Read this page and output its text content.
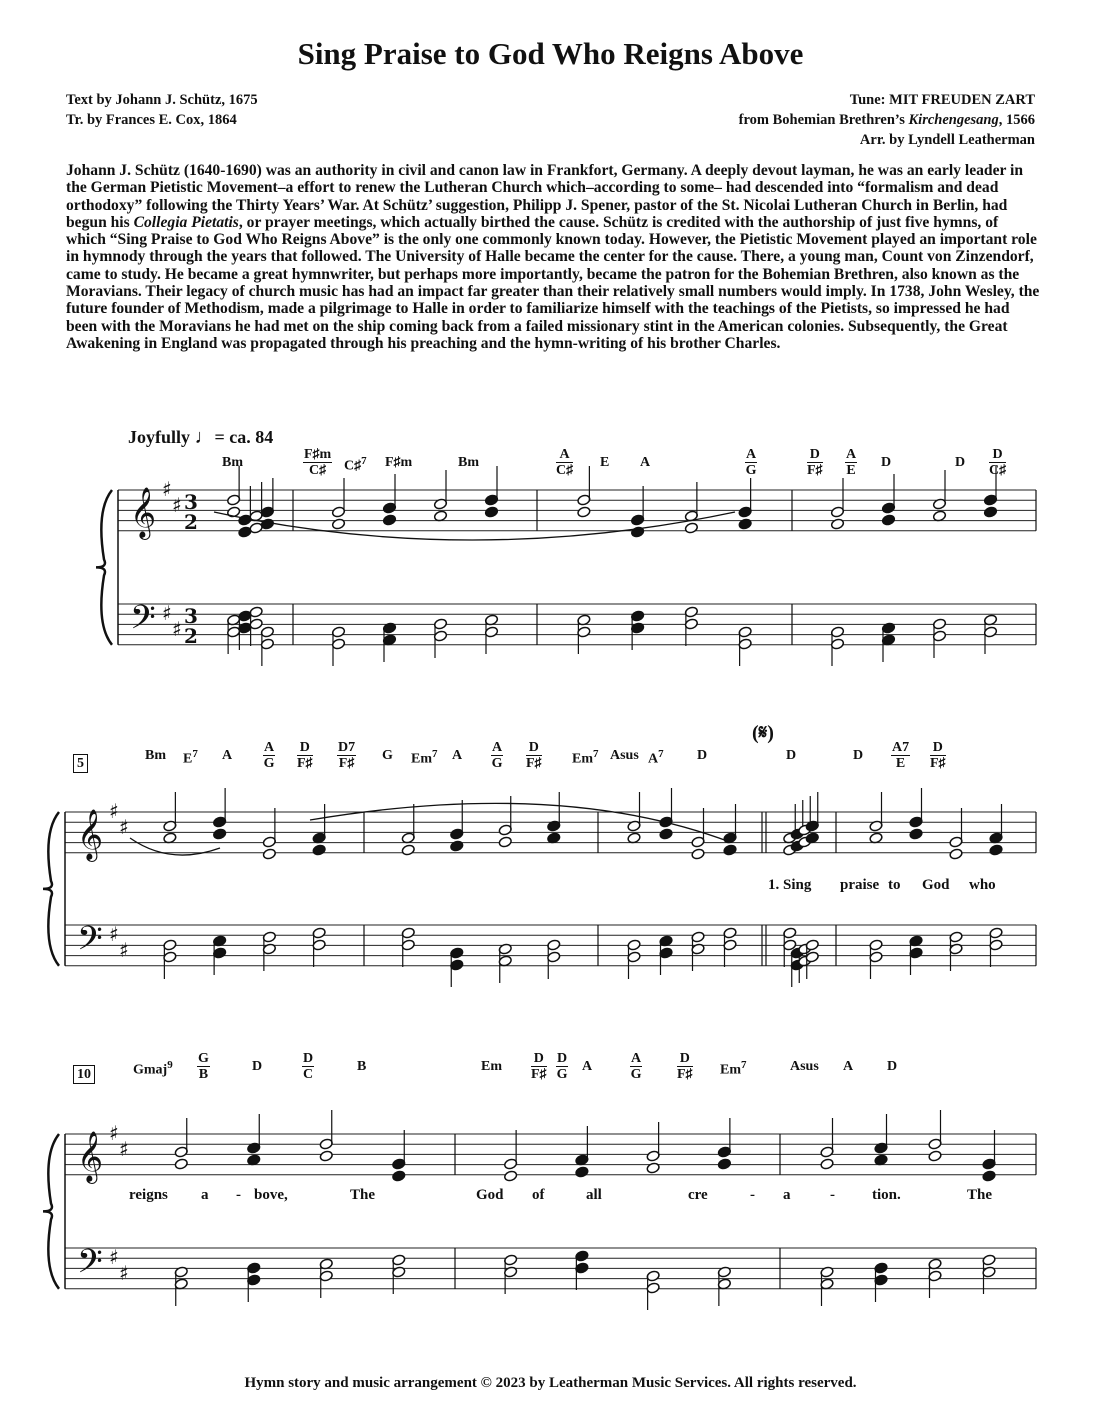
Sing Praise to God Who Reigns Above
Text by Johann J. Schütz, 1675
Tr. by Frances E. Cox, 1864
Tune: MIT FREUDEN ZART
from Bohemian Brethren’s Kirchengesang, 1566
Arr. by Lyndell Leatherman
Johann J. Schütz (1640-1690) was an authority in civil and canon law in Frankfort, Germany. A deeply devout layman, he was an early leader in the German Pietistic Movement–a effort to renew the Lutheran Church which–according to some– had descended into “formalism and dead orthodoxy” following the Thirty Years’ War. At Schütz’ suggestion, Philipp J. Spener, pastor of the St. Nicolai Lutheran Church in Berlin, had begun his Collegia Pietatis, or prayer meetings, which actually birthed the cause. Schütz is credited with the authorship of just five hymns, of which “Sing Praise to God Who Reigns Above” is the only one commonly known today. However, the Pietistic Movement played an important role in hymnody through the years that followed. The University of Halle became the center for the cause. There, a young man, Count von Zinzendorf, came to study. He became a great hymnwriter, but perhaps more importantly, became the patron for the Bohemian Brethren, also known as the Moravians. Their legacy of church music has had an impact far greater than their relatively small numbers would imply. In 1738, John Wesley, the future founder of Methodism, made a pilgrimage to Halle in order to familiarize himself with the teachings of the Pietists, so impressed he had been with the Moravians he had met on the ship coming back from a failed missionary stint in the American colonies. Subsequently, the Great Awakening in England was propagated through his preaching and the hymn-writing of his brother Charles.
Joyfully ♩= ca. 84
(𝄋)
Bm
F♯m
C♯	C♯$^7$ F♯m	Bm
A
C♯
E A
A
G
D
F♯
A
E
D	D
D
C♯
Bm $E^7$ A
A
G
D
F♯
D7
F♯
G Em$^7$ A
A
G
D
F♯ Em$^7$ Asus $A^7$ D	D	D
A7
E
D
F♯
Gmaj$^9$ G
B
D
D
C
B	Em
D
F♯
D
G
A
A
G
D
F♯ Em$^7$	Asus A D
1. Sing praise to God who
reigns a - bove,	The	God of	all	cre	- a	- tion.	The
5
10
𝄞
𝄢
♯
♯
♯
♯
3
2
3
2
𝄞
𝄢
♯
♯
♯
♯
𝄞
𝄢
♯
♯
♯
♯
Hymn story and music arrangement © 2023 by Leatherman Music Services. All rights reserved.
